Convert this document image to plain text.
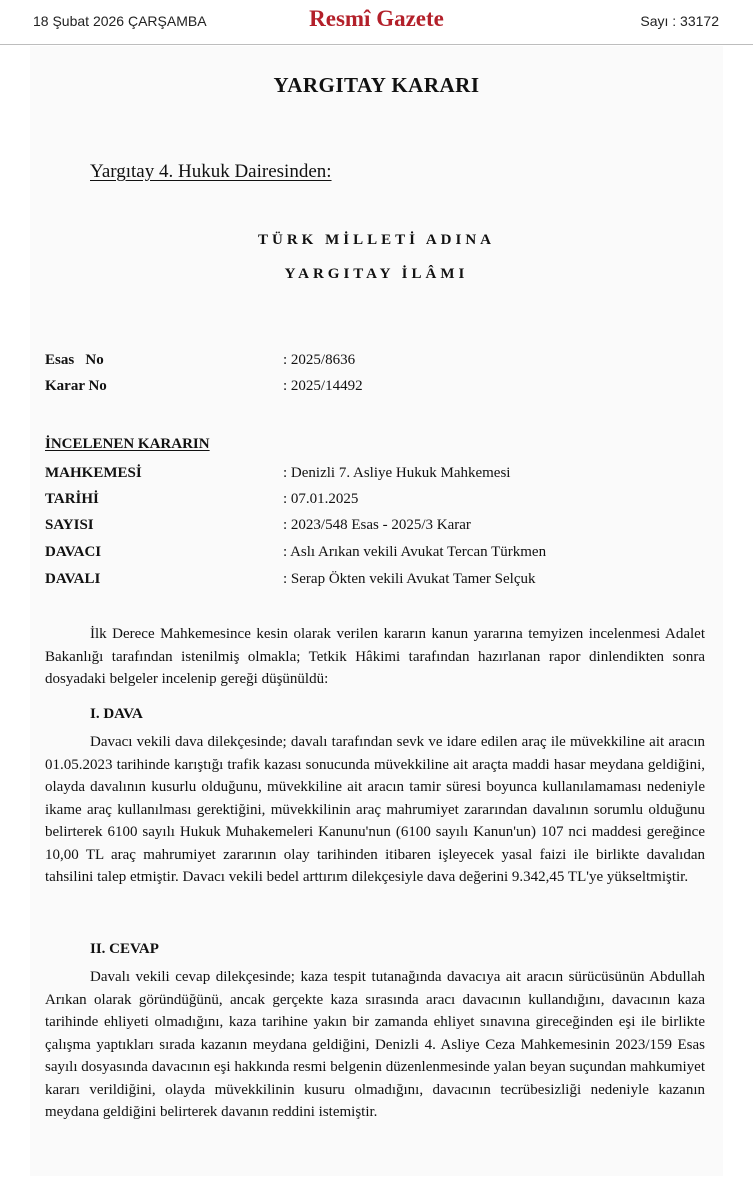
18 Şubat 2026 ÇARŞAMBA	Resmî Gazete	Sayı : 33172
YARGITAY KARARI
Yargıtay 4. Hukuk Dairesinden:
TÜRK MİLLETİ ADINA
YARGITAY İLÂMI
Esas   No	: 2025/8636
Karar No	: 2025/14492
İNCELENEN KARARIN
MAHKEMESİ	: Denizli 7. Asliye Hukuk Mahkemesi
TARİHİ	: 07.01.2025
SAYISI	: 2023/548 Esas - 2025/3 Karar
DAVACI	: Aslı Arıkan vekili Avukat Tercan Türkmen
DAVALI	: Serap Ökten vekili Avukat Tamer Selçuk

İlk Derece Mahkemesince kesin olarak verilen kararın kanun yararına temyizen incelenmesi Adalet Bakanlığı tarafından istenilmiş olmakla; Tetkik Hâkimi tarafından hazırlanan rapor dinlendikten sonra dosyadaki belgeler incelenip gereği düşünüldü:

I. DAVA

Davacı vekili dava dilekçesinde; davalı tarafından sevk ve idare edilen araç ile müvekkiline ait aracın 01.05.2023 tarihinde karıştığı trafik kazası sonucunda müvekkiline ait araçta maddi hasar meydana geldiğini, olayda davalının kusurlu olduğunu, müvekkiline ait aracın tamir süresi boyunca kullanılamaması nedeniyle ikame araç kullanılması gerektiğini, müvekkilinin araç mahrumiyet zararından davalının sorumlu olduğunu belirterek 6100 sayılı Hukuk Muhakemeleri Kanunu'nun (6100 sayılı Kanun'un) 107 nci maddesi gereğince 10,00 TL araç mahrumiyet zararının olay tarihinden itibaren işleyecek yasal faizi ile birlikte davalıdan tahsilini talep etmiştir. Davacı vekili bedel arttırım dilekçesiyle dava değerini 9.342,45 TL'ye yükseltmiştir.

II. CEVAP

Davalı vekili cevap dilekçesinde; kaza tespit tutanağında davacıya ait aracın sürücüsünün Abdullah Arıkan olarak göründüğünü, ancak gerçekte kaza sırasında aracı davacının kullandığını, davacının kaza tarihinde ehliyeti olmadığını, kaza tarihine yakın bir zamanda ehliyet sınavına gireceğinden eşi ile birlikte çalışma yaptıkları sırada kazanın meydana geldiğini, Denizli 4. Asliye Ceza Mahkemesinin 2023/159 Esas sayılı dosyasında davacının eşi hakkında resmi belgenin düzenlenmesinde yalan beyan suçundan mahkumiyet kararı verildiğini, olayda müvekkilinin kusuru olmadığını, davacının tecrübesizliği nedeniyle kazanın meydana geldiğini belirterek davanın reddini istemiştir.
